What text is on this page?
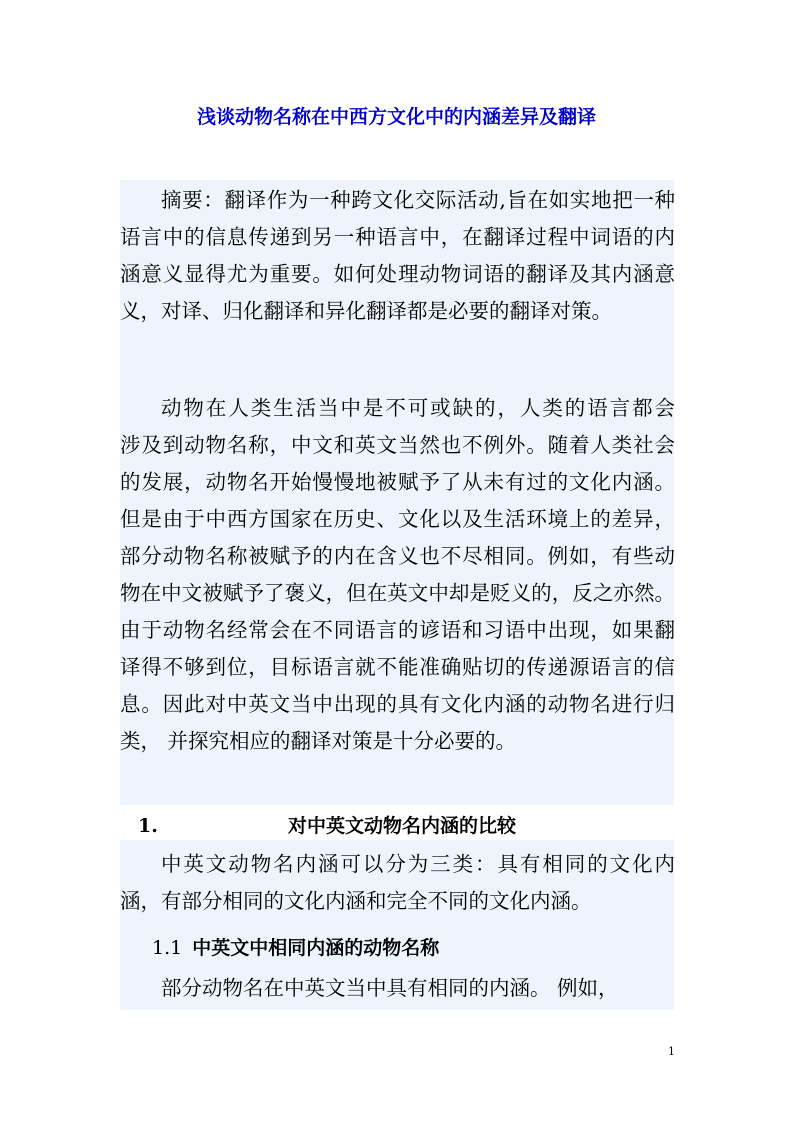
浅谈动物名称在中西方文化中的内涵差异及翻译
摘要：翻译作为一种跨文化交际活动,旨在如实地把一种
语言中的信息传递到另一种语言中，在翻译过程中词语的内
涵意义显得尤为重要。如何处理动物词语的翻译及其内涵意
义，对译、归化翻译和异化翻译都是必要的翻译对策。
动物在人类生活当中是不可或缺的，人类的语言都会
涉及到动物名称，中文和英文当然也不例外。随着人类社会
的发展，动物名开始慢慢地被赋予了从未有过的文化内涵。
但是由于中西方国家在历史、文化以及生活环境上的差异，
部分动物名称被赋予的内在含义也不尽相同。例如，有些动
物在中文被赋予了褒义，但在英文中却是贬义的，反之亦然。
由于动物名经常会在不同语言的谚语和习语中出现，如果翻
译得不够到位，目标语言就不能准确贴切的传递源语言的信
息。因此对中英文当中出现的具有文化内涵的动物名进行归
类， 并探究相应的翻译对策是十分必要的。
1.	对中英文动物名内涵的比较
中英文动物名内涵可以分为三类：具有相同的文化内
涵，有部分相同的文化内涵和完全不同的文化内涵。
1.1 中英文中相同内涵的动物名称
部分动物名在中英文当中具有相同的内涵。 例如，
1
